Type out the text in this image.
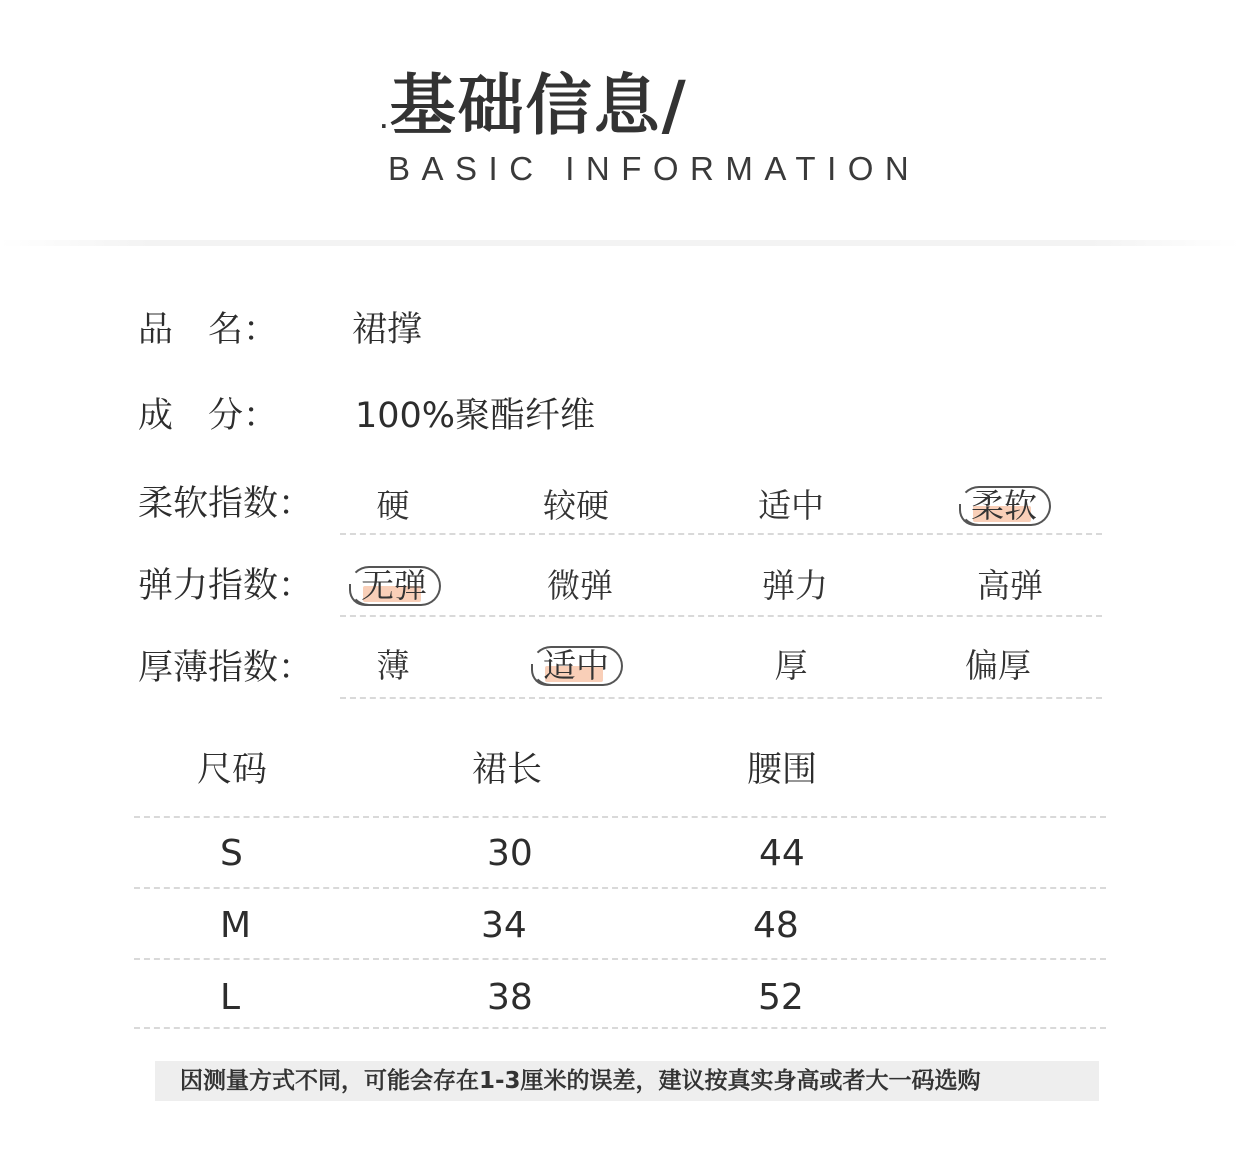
.基础信息/
BASIC INFORMATION
品　名： 裙撑
成　分： 100%聚酯纤维
柔软指数：	硬	较硬	适中	柔软
弹力指数：	无弹	微弹	弹力	高弹
厚薄指数：	薄	适中	厚	偏厚
尺码	裙长	腰围
S	30	44
M	34	48
L	38	52
因测量方式不同，可能会存在1-3厘米的误差，建议按真实身高或者大一码选购
